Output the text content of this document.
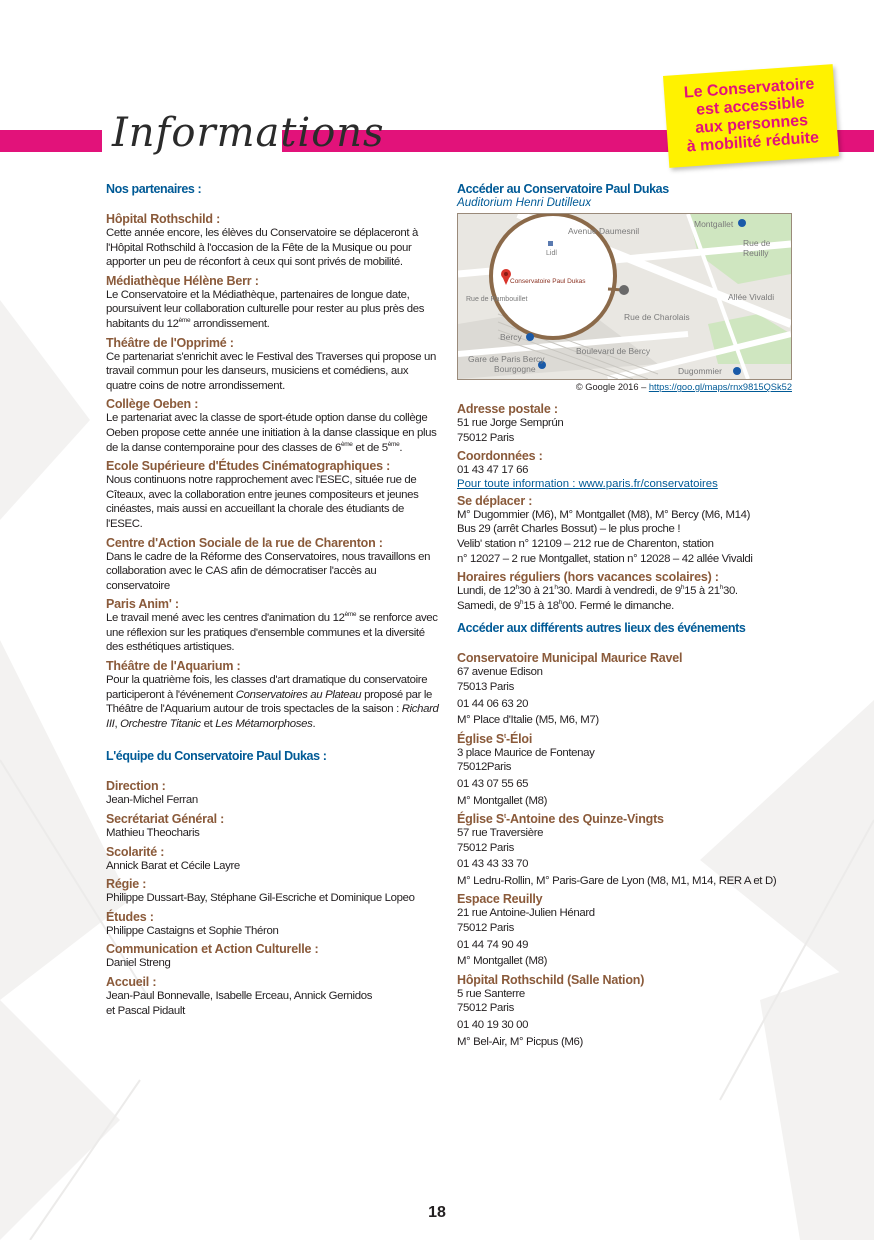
Informations
Le Conservatoire
est accessible
aux personnes
à mobilité réduite

Nos partenaires :

Hôpital Rothschild :

Cette année encore, les élèves du Conservatoire se déplaceront à l'Hôpital Rothschild à l'occasion de la Fête de la Musique ou pour apporter un peu de réconfort à ceux qui sont privés de mobilité.

Médiathèque Hélène Berr :

Le Conservatoire et la Médiathèque, partenaires de longue date, poursuivent leur collaboration culturelle pour rester au plus près des habitants du 12ème arrondissement.

Théâtre de l'Opprimé :

Ce partenariat s'enrichit avec le Festival des Traverses qui propose un travail commun pour les danseurs, musiciens et comédiens, aux quatre coins de notre arrondissement.

Collège Oeben :

Le partenariat avec la classe de sport-étude option danse du collège Oeben propose cette année une initiation à la danse classique en plus de la danse contemporaine pour des classes de 6ème et de 5ème.

Ecole Supérieure d'Études Cinématographiques :

Nous continuons notre rapprochement avec l'ESEC, située rue de Cîteaux, avec la collaboration entre jeunes compositeurs et jeunes cinéastes, mais aussi en accueillant la chorale des étudiants de l'ESEC.

Centre d'Action Sociale de la rue de Charenton :

Dans le cadre de la Réforme des Conservatoires, nous travaillons en collaboration avec le CAS afin de démocratiser l'accès au conservatoire

Paris Anim' :

Le travail mené avec les centres d'animation du 12ème se renforce avec une réflexion sur les pratiques d'ensemble communes et la diversité des esthétiques artistiques.

Théâtre de l'Aquarium :

Pour la quatrième fois, les classes d'art dramatique du conservatoire participeront à l'événement Conservatoires au Plateau proposé par le Théâtre de l'Aquarium autour de trois spectacles de la saison : Richard III, Orchestre Titanic et Les Métamorphoses.

L'équipe du Conservatoire Paul Dukas :

Direction :

Jean-Michel Ferran

Secrétariat Général :

Mathieu Theocharis

Scolarité :

Annick Barat et Cécile Layre

Régie :

Philippe Dussart-Bay, Stéphane Gil-Escriche et Dominique Lopeo

Études :

Philippe Castaigns et Sophie Théron

Communication et Action Culturelle :

Daniel Streng

Accueil :

Jean-Paul Bonnevalle, Isabelle Erceau, Annick Gernidos

et Pascal Pidault

Accéder au Conservatoire Paul Dukas

Auditorium Henri Dutilleux

Montgallet
Rue de Reuilly
Avenue Daumesnil
Lidl
Conservatoire Paul Dukas
Rue de Rambouillet
Rue de Charolais
Allée Vivaldi
Bercy
Boulevard de Bercy
Gare de Paris Bercy
Bourgogne	Dugommier

© Google 2016 – https://goo.gl/maps/rnx9815QSk52

Adresse postale :

51 rue Jorge Semprún

75012 Paris

Coordonnées :

01 43 47 17 66

Pour toute information : www.paris.fr/conservatoires

Se déplacer :

M° Dugommier (M6), M° Montgallet (M8), M° Bercy (M6, M14)

Bus 29 (arrêt Charles Bossut) – le plus proche !

Velib' station n° 12109 – 212 rue de Charenton, station

n° 12027 – 2 rue Montgallet, station n° 12028 – 42 allée Vivaldi

Horaires réguliers (hors vacances scolaires) :

Lundi, de 12$^h$30 à 21$^h$30. Mardi à vendredi, de 9$^h$15 à 21$^h$30.

Samedi, de 9$^h$15 à 18$^h$00. Fermé le dimanche.

Accéder aux différents autres lieux des événements

Conservatoire Municipal Maurice Ravel

67 avenue Edison

75013 Paris

01 44 06 63 20

M° Place d'Italie (M5, M6, M7)

Église $S^t$-Éloi

3 place Maurice de Fontenay

75012Paris

01 43 07 55 65

M° Montgallet (M8)

Église $S^t$-Antoine des Quinze-Vingts

57 rue Traversière

75012 Paris

01 43 43 33 70

M° Ledru-Rollin, M° Paris-Gare de Lyon (M8, M1, M14, RER A et D)

Espace Reuilly

21 rue Antoine-Julien Hénard

75012 Paris

01 44 74 90 49

M° Montgallet (M8)

Hôpital Rothschild (Salle Nation)

5 rue Santerre

75012 Paris

01 40 19 30 00

M° Bel-Air, M° Picpus (M6)

18
